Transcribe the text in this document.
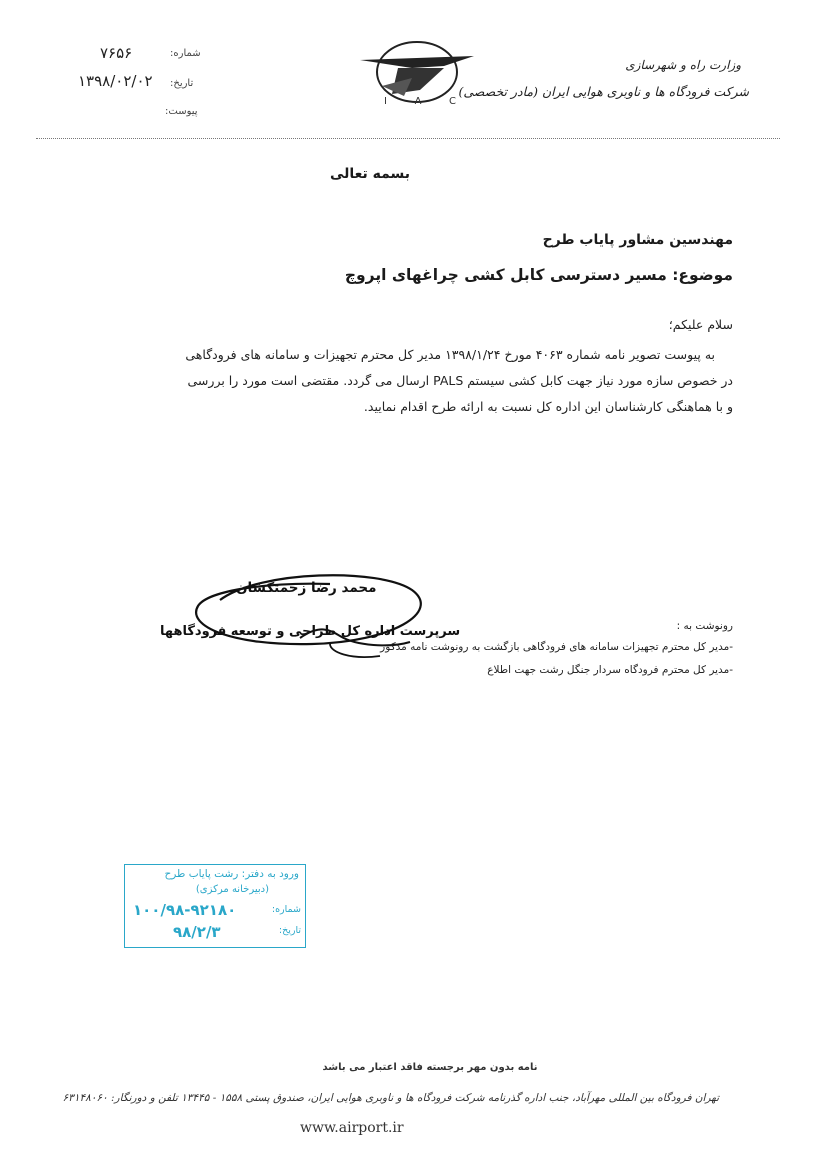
شماره:
۷۶۵۶
تاریخ:
۱۳۹۸/۰۲/۰۲
پیوست:
I	A	C
وزارت راه و شهرسازی
شرکت فرودگاه ها و ناوبری هوایی ایران (مادر تخصصی)
بسمه تعالی
مهندسین مشاور پایاب طرح
موضوع: مسیر دسترسی کابل کشی چراغهای اپروچ
سلام علیکم؛
به پیوست تصویر نامه شماره ۴۰۶۳ مورخ ۱۳۹۸/۱/۲۴ مدیر کل محترم تجهیزات و سامانه های فرودگاهی
در خصوص سازه مورد نیاز جهت کابل کشی سیستم PALS ارسال می گردد. مقتضی است مورد را بررسی
و با هماهنگی کارشناسان این اداره کل نسبت به ارائه طرح اقدام نمایید.
محمد رضا زحمتکشان
سرپرست اداره کل طراحی و توسعه فرودگاهها	رونوشت به :
-مدیر کل محترم تجهیزات سامانه های فرودگاهی بازگشت به رونوشت نامه مذکور
-مدیر کل محترم فرودگاه سردار جنگل رشت جهت اطلاع
ورود به دفتر: رشت پایاب طرح
(دبیرخانه مرکزی)
شماره:
۱۰۰/۹۸-۹۲۱۸۰
تاریخ:
۹۸/۲/۳
نامه بدون مهر برجسته فاقد اعتبار می باشد
تهران فرودگاه بین المللی مهرآباد، جنب اداره گذرنامه شرکت فرودگاه ها و ناوبری هوایی ایران، صندوق پستی ۱۵۵۸ - ۱۳۴۴۵ تلفن و دورنگار: ۶۳۱۴۸۰۶۰
www.airport.ir
